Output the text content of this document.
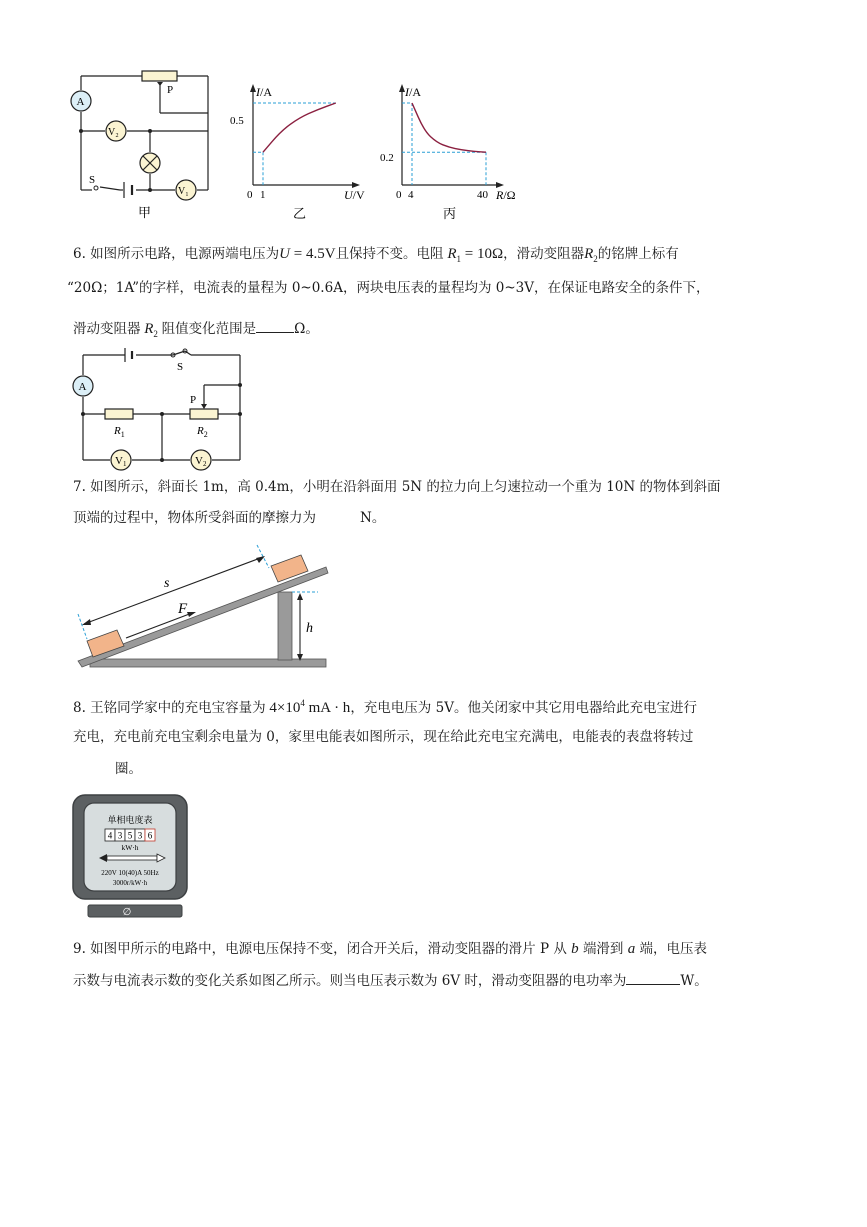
P
A
V₂
V₁
S
甲
I/A
0.5
0 1	U/V
乙
I/A
0.2
0 4	40 R/Ω
丙
6. 如图所示电路，电源两端电压为U = 4.5V且保持不变。电阻 $R_1 = 10\Omega$，滑动变阻器$R_2$的铭牌上标有
“20Ω；1A”的字样，电流表的量程为 0~0.6A，两块电压表的量程均为 0~3V，在保证电路安全的条件下，
滑动变阻器 $R_2$ 阻值变化范围是	Ω。
A
$R_1$
P
$R_2$
S
V1	V2
7. 如图所示，斜面长 1m，高 0.4m，小明在沿斜面用 5N 的拉力向上匀速拉动一个重为 10N 的物体到斜面
顶端的过程中，物体所受斜面的摩擦力为	N。
s
F
h
8. 王铭同学家中的充电宝容量为 $4\times 10^4$ mA · h，充电电压为 5V。他关闭家中其它用电器给此充电宝进行
充电，充电前充电宝剩余电量为 0，家里电能表如图所示，现在给此充电宝充满电，电能表的表盘将转过
圈。
∅
单相电度表
4 3 5 3 6
kW·h
220V 10(40)A 50Hz
3000r/kW·h
9. 如图甲所示的电路中，电源电压保持不变，闭合开关后，滑动变阻器的滑片 P 从 b 端滑到 a 端，电压表
示数与电流表示数的变化关系如图乙所示。则当电压表示数为 6V 时，滑动变阻器的电功率为	W。
